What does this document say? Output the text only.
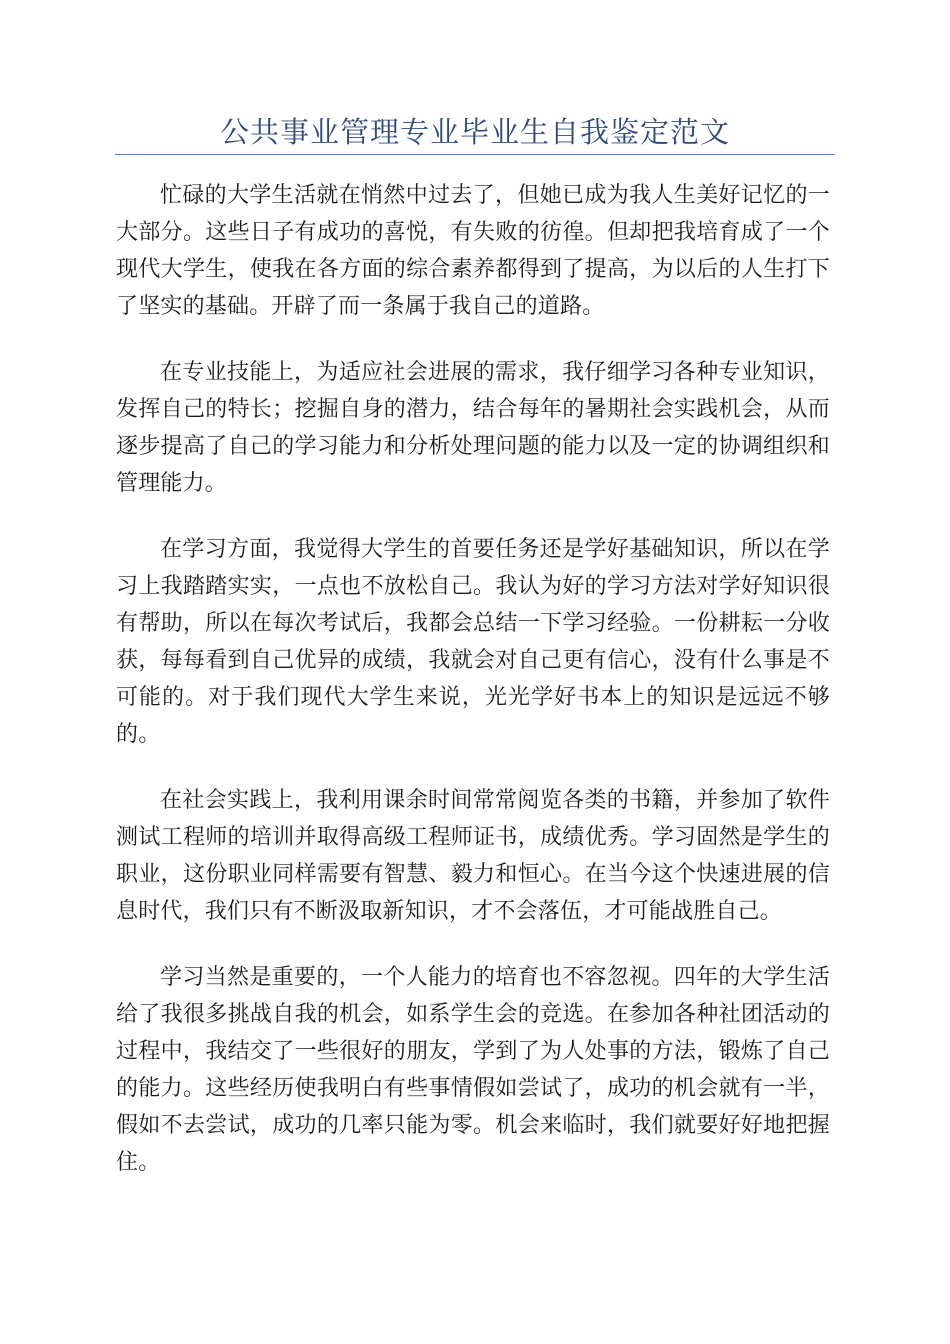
公共事业管理专业毕业生自我鉴定范文

忙碌的大学生活就在悄然中过去了，但她已成为我人生美好记忆的一大部分。这些日子有成功的喜悦，有失败的彷徨。但却把我培育成了一个现代大学生，使我在各方面的综合素养都得到了提高，为以后的人生打下了坚实的基础。开辟了而一条属于我自己的道路。

在专业技能上，为适应社会进展的需求，我仔细学习各种专业知识，发挥自己的特长；挖掘自身的潜力，结合每年的暑期社会实践机会，从而逐步提高了自己的学习能力和分析处理问题的能力以及一定的协调组织和管理能力。

在学习方面，我觉得大学生的首要任务还是学好基础知识，所以在学习上我踏踏实实，一点也不放松自己。我认为好的学习方法对学好知识很有帮助，所以在每次考试后，我都会总结一下学习经验。一份耕耘一分收获，每每看到自己优异的成绩，我就会对自己更有信心，没有什么事是不可能的。对于我们现代大学生来说，光光学好书本上的知识是远远不够的。

在社会实践上，我利用课余时间常常阅览各类的书籍，并参加了软件测试工程师的培训并取得高级工程师证书，成绩优秀。学习固然是学生的职业，这份职业同样需要有智慧、毅力和恒心。在当今这个快速进展的信息时代，我们只有不断汲取新知识，才不会落伍，才可能战胜自己。

学习当然是重要的，一个人能力的培育也不容忽视。四年的大学生活给了我很多挑战自我的机会，如系学生会的竞选。在参加各种社团活动的过程中，我结交了一些很好的朋友，学到了为人处事的方法，锻炼了自己的能力。这些经历使我明白有些事情假如尝试了，成功的机会就有一半，假如不去尝试，成功的几率只能为零。机会来临时，我们就要好好地把握住。
